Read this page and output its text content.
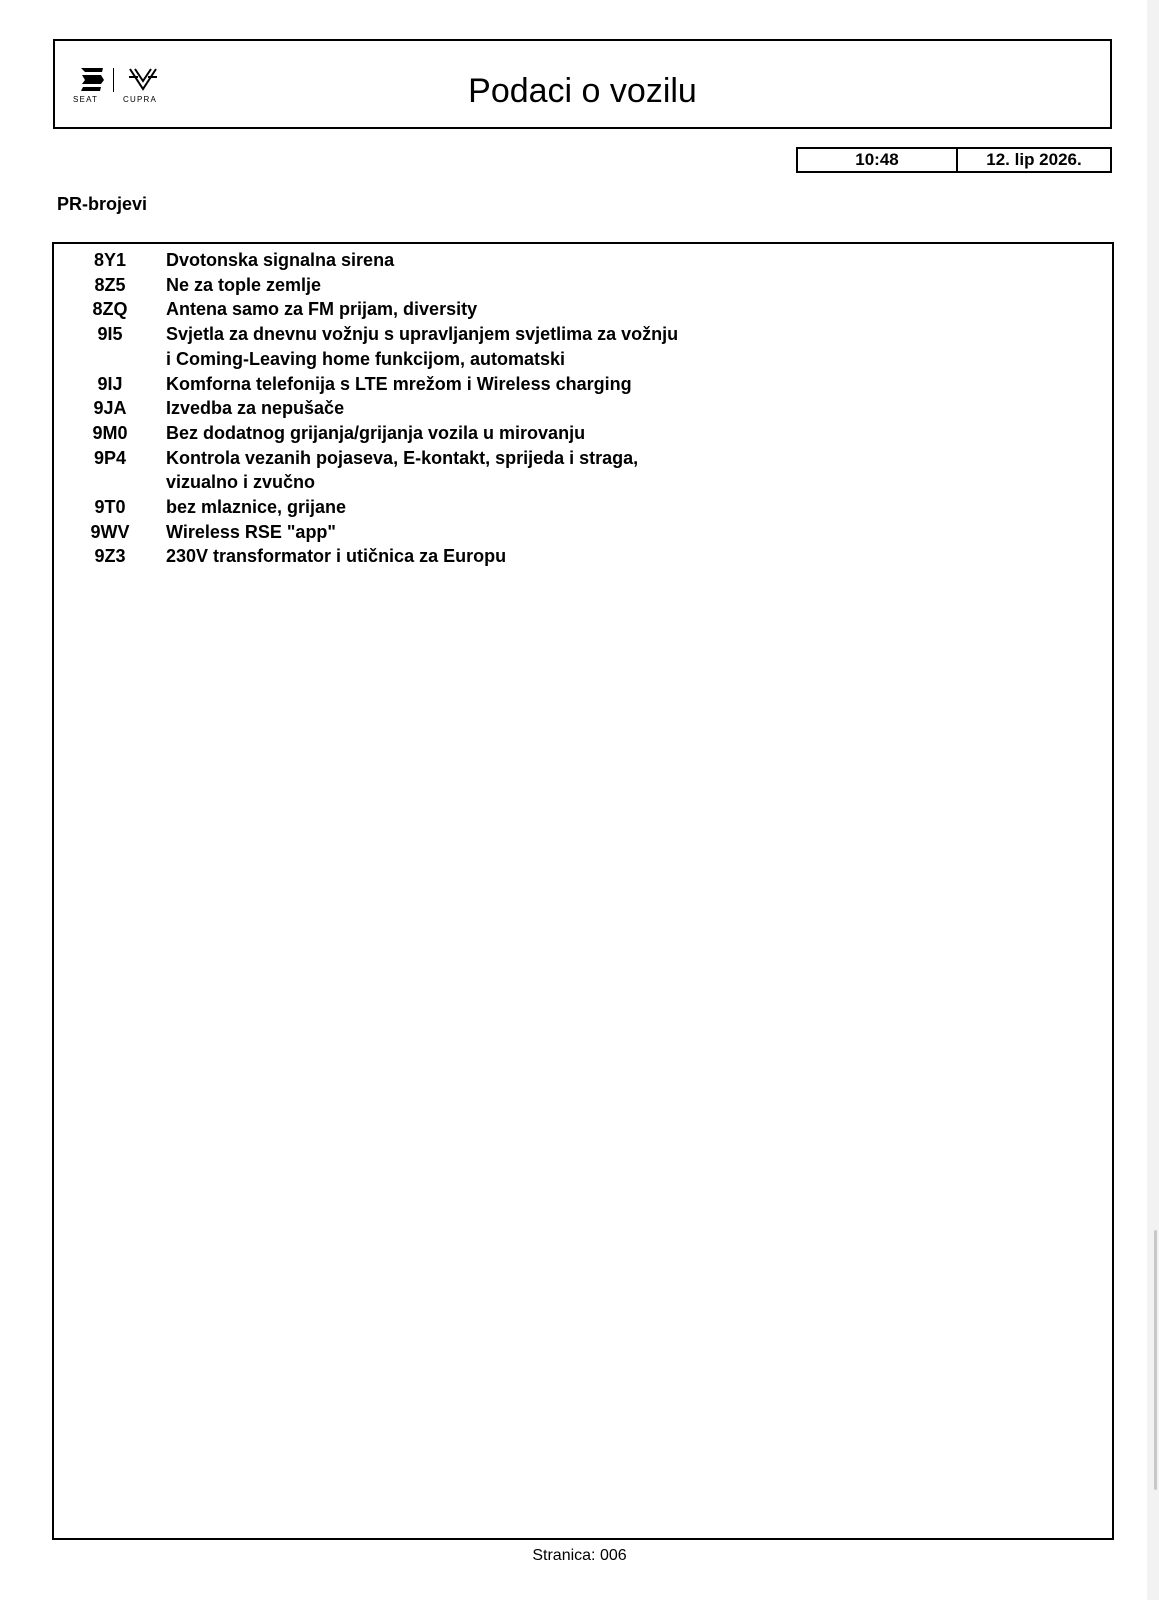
SEAT	CUPRA	Podaci o vozilu
10:48	12. lip 2026.
PR-brojevi
8Y1	Dvotonska signalna sirena
8Z5	Ne za tople zemlje
8ZQ	Antena samo za FM prijam, diversity
9I5	Svjetla za dnevnu vožnju s upravljanjem svjetlima za vožnju i Coming-Leaving home funkcijom, automatski
9IJ	Komforna telefonija s LTE mrežom i Wireless charging
9JA	Izvedba za nepušače
9M0	Bez dodatnog grijanja/grijanja vozila u mirovanju
9P4	Kontrola vezanih pojaseva, E-kontakt, sprijeda i straga, vizualno i zvučno
9T0	bez mlaznice, grijane
9WV	Wireless RSE "app"
9Z3	230V transformator i utičnica za Europu
Stranica: 006
